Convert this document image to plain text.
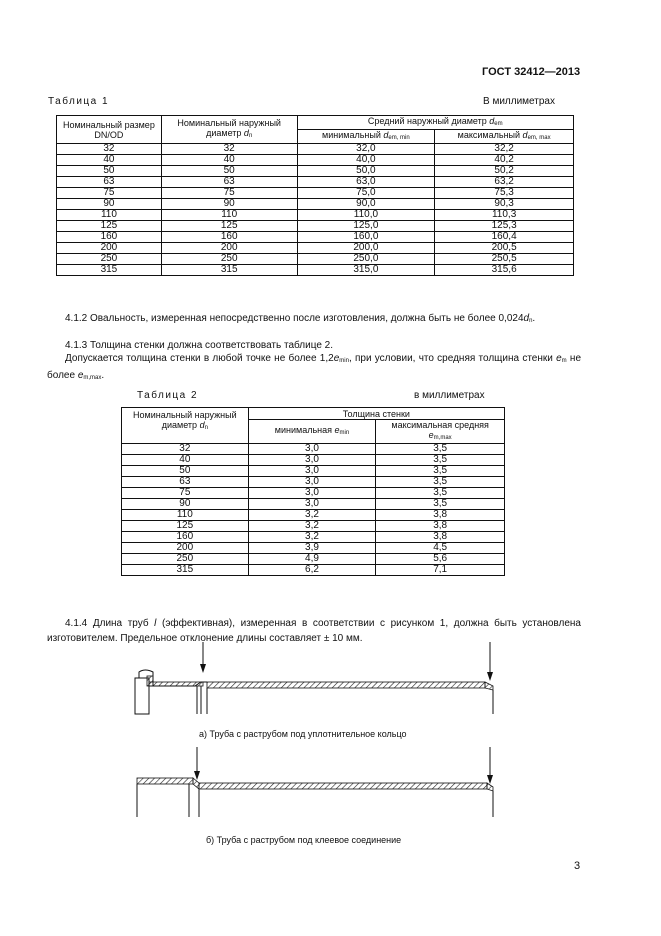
ГОСТ 32412—2013
Таблица 1	В миллиметрах
Номинальный размер DN/OD	Номинальный наружный диаметр $d_n$	Средний наружный диаметр $d_{em}$
		минимальный $d_{em, min}$	максимальный $d_{em, max}$
32	32	32,0	32,2
40	40	40,0	40,2
50	50	50,0	50,2
63	63	63,0	63,2
75	75	75,0	75,3
90	90	90,0	90,3
110	110	110,0	110,3
125	125	125,0	125,3
160	160	160,0	160,4
200	200	200,0	200,5
250	250	250,0	250,5
315	315	315,0	315,6
4.1.2 Овальность, измеренная непосредственно после изготовления, должна быть не более $0,024d_n$.
4.1.3 Толщина стенки должна соответствовать таблице 2.
Допускается толщина стенки в любой точке не более $1,2e_{min}$, при условии, что средняя толщина стенки $e_m$ не более $e_{m,max}$.
Таблица 2	в миллиметрах
Номинальный наружный диаметр $d_n$	Толщина стенки	
	минимальная $e_{min}$	максимальная средняя
$e_{m,max}$
32	3,0	3,5
40	3,0	3,5
50	3,0	3,5
63	3,0	3,5
75	3,0	3,5
90	3,0	3,5
110	3,2	3,8
125	3,2	3,8
160	3,2	3,8
200	3,9	4,5
250	4,9	5,6
315	6,2	7,1
4.1.4 Длина труб l (эффективная), измеренная в соответствии с рисунком 1, должна быть установлена изготовителем. Предельное отклонение длины составляет ± 10 мм.
а) Труба с раструбом под уплотнительное кольцо
б) Труба с раструбом под клеевое соединение
3
